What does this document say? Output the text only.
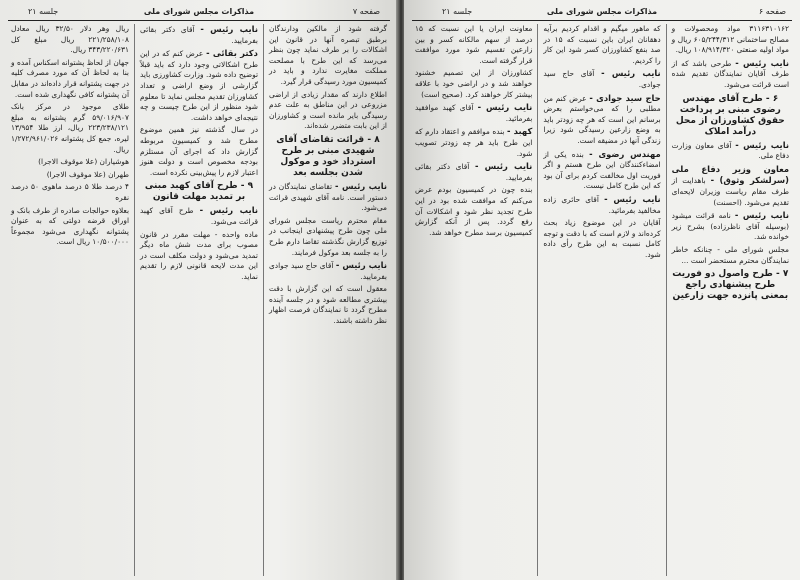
جلسه ۲۱	مذاکرات مجلس شورای ملی	صفحه ۷

گرفته شود از مالکین ودارندگان برطبق تبصره آنها در قانون این اشکالات را بر طرف نماید چون بنظر می‌رسد که این طرح با مصلحت مملکت مغایرت ندارد و باید در کمیسیون مورد رسیدگی قرار گیرد.

اطلاع دارند که مقدار زیادی از اراضی مزروعی در این مناطق به علت عدم رسیدگی بایر مانده است و کشاورزان از این بابت متضرر شده‌اند.

۸ - قرائت تقاضای آقای شهیدی مبنی بر طرح استرداد خود و موکول شدن بجلسه بعد

نایب رئیس - تقاضای نمایندگان در دستور است. نامه آقای شهیدی قرائت می‌شود.

مقام محترم ریاست مجلس شورای ملی چون طرح پیشنهادی اینجانب در توزیع گزارش نگذشته تقاضا دارم طرح را به جلسه بعد موکول فرمایند.

نایب رئیس - آقای حاج سید جوادی بفرمایید.

معقول است که این گزارش با دقت بیشتری مطالعه شود و در جلسه آینده مطرح گردد تا نمایندگان فرصت اظهار نظر داشته باشند.

نایب رئیس - آقای دکتر بقائی بفرمایید.

دکتر بقائی - عرض کنم که در این طرح اشکالاتی وجود دارد که باید قبلاً توضیح داده شود. وزارت کشاورزی باید گزارشی از وضع اراضی و تعداد کشاورزان تقدیم مجلس نماید تا معلوم شود منظور از این طرح چیست و چه نتیجه‌ای خواهد داشت.

در سال گذشته نیز همین موضوع مطرح شد و کمیسیون مربوطه گزارش داد که اجرای آن مستلزم بودجه مخصوص است و دولت هنوز اعتبار لازم را پیش‌بینی نکرده است.

۹ - طرح آقای کهبد مبنی بر تمدید مهلت قانون

نایب رئیس - طرح آقای کهبد قرائت می‌شود.

ماده واحده - مهلت مقرر در قانون مصوب برای مدت شش ماه دیگر تمدید می‌شود و دولت مکلف است در این مدت لایحه قانونی لازم را تقدیم نماید.

ریال وهر دلار ۳۲/۵۰ ریال معادل ۲۲۱/۲۵۸/۱۰۸ ریال مبلغ کل ۳۴۳/۲۲۰/۶۳۱ ریال.

جهان از لحاظ پشتوانه اسکناس آمده و بنا به لحاظ آن که مورد مصرف کلیه در جهت پشتوانه قرار داده‌اند در مقابل آن پشتوانه کافی نگهداری شده است.

طلای موجود در مرکز بانک ۵۹/۰۱۶/۹۰۷ گرم پشتوانه به مبلغ ۲۲۳/۲۳۸/۱۲۱ ریال، ارز طلا ۱۳/۹۵۴ لیره، جمع کل پشتوانه ۱/۲۷۲/۹۶۱/۰۲۶ ریال.

هوشیاران (علا موقوف الاجرا)

طهران (علا موقوف الاجرا)

۴ درصد طلا ۵ درصد ماهوی ۵۰ درصد نقره

بعلاوه حوالجات صادره از طرف بانک و اوراق قرضه دولتی که به عنوان پشتوانه نگهداری می‌شود مجموعاً ۱۰/۵۰۰/۰۰۰ ریال است.

جلسه ۲۱	مذاکرات مجلس شورای ملی	صفحه ۶

۳۱۱۶۳۱۰۱۶۲ مواد ومحصولات و مصالح ساختمانی ۶۰۵/۲۴۴/۳۱۲ ریال و مواد اولیه صنعتی ۱۰۸/۹۱۴/۳۲۰ ریال.

نایب رئیس - طرحی باشد که از طرف آقایان نمایندگان تقدیم شده است قرائت می‌شود.

۶ - طرح آقای مهندس رضوی مبنی بر پرداخت حقوق کشاورزان از محل درآمد املاک

نایب رئیس - آقای معاون وزارت دفاع ملی.

معاون وزیر دفاع ملی (سرلشکر وثوق) - باهدایت از طرف مقام ریاست وزیران لایحه‌ای تقدیم می‌شود. (احسنت)

نایب رئیس - نامه قرائت میشود (بوسیله آقای ناظرزاده) بشرح زیر خوانده شد.

مجلس شورای ملی - چنانکه خاطر نمایندگان محترم مستحضر است ...

۷ - طرح واصول دو فوریت طرح پیشنهادی راجع بمعنی پانزده جهت زارعین

که ماهور میگیم و اقدام کردیم برآیه دهقانان ایران باین نسبت که ۱۵ در صد بنفع کشاورزان کسر شود این کار را کردیم.

نایب رئیس - آقای حاج سید جوادی.

حاج سید جوادی - عرض کنم من مطلبی را که می‌خواستم بعرض برسانم این است که هر چه زودتر باید به وضع زارعین رسیدگی شود زیرا زندگی آنها در مضیقه است.

مهندس رضوی - بنده یکی از امضاءکنندگان این طرح هستم و اگر فوریت اول مخالفت کردم برای آن بود که این طرح کامل نیست.

نایب رئیس - آقای حائری زاده مخالفید بفرمائید.

آقایان در این موضوع زیاد بحث کرده‌اند و لازم است که با دقت و توجه کامل نسبت به این طرح رأی داده شود.

معاونت ایران یا این نسبت که ۱۵ درصد از سهم مالکانه کسر و بین زارعین تقسیم شود مورد موافقت قرار گرفته است.

کشاورزان از این تصمیم خشنود خواهند شد و در اراضی خود با علاقه بیشتر کار خواهند کرد. (صحیح است)

نایب رئیس - آقای کهبد موافقید بفرمائید.

کهبد - بنده موافقم و اعتقاد دارم که این طرح باید هر چه زودتر تصویب شود.

نایب رئیس - آقای دکتر بقائی بفرمایید.

بنده چون در کمیسیون بودم عرض می‌کنم که موافقت شده بود در این طرح تجدید نظر شود و اشکالات آن رفع گردد. پس از آنکه گزارش کمیسیون برسد مطرح خواهد شد.
